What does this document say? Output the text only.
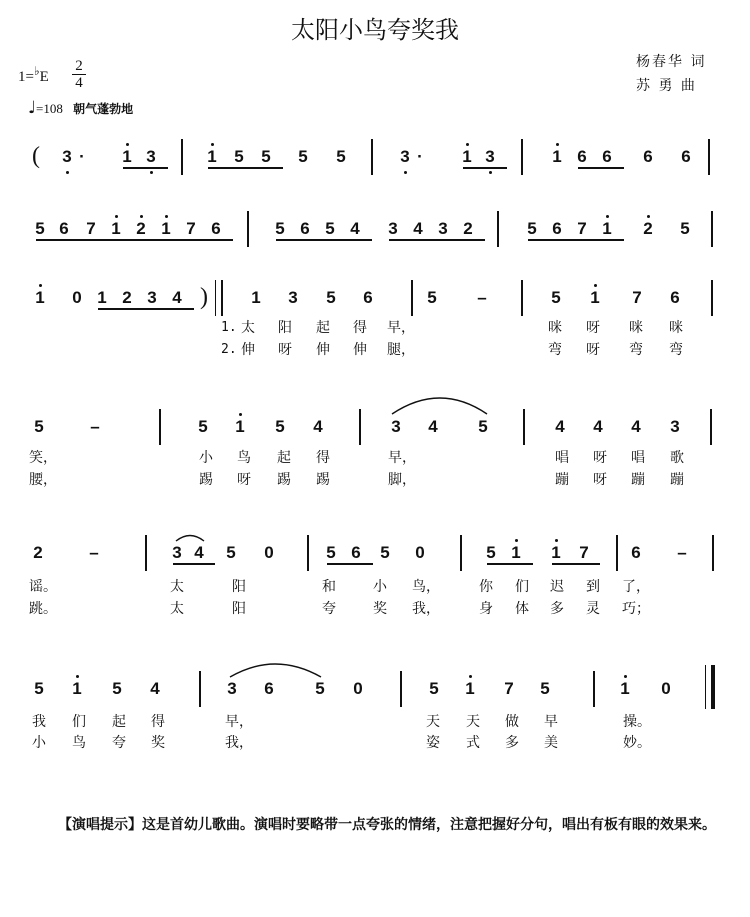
太阳小鸟夸奖我
杨春华 词
苏 勇 曲
1=♭E
2
4
♩=108 朝气蓬勃地
3 ·	1 3	1 5 5 5 5	3 ·	1 3	1 6 6 6 6
5 6 7 1 2 1 7 6	5 6 5 4 3 4 3 2	5 6 7 1 2 5
1 0 1 2 3 4	1 3 5 6	5 –	5 1 7 6
太 阳 起 得 早，	咪 呀 咪 咪
伸 呀 伸 伸 腿，	弯 呀 弯 弯
5	–	5 1 5 4	3 4 5	4 4 4 3
笑，	小 鸟 起 得	早，	唱 呀 唱 歌
腰，	踢 呀 踢 踢	脚，	蹦 呀 蹦 蹦
2	–	3 4 5 0	5 6 5 0	5 1 1 7	6 –
谣。	太	阳	和	小 鸟，	你 们 迟 到 了，
跳。	太	阳	夸	奖 我，	身 体 多 灵 巧；
5 1 5 4	3 6 5 0	5 1 7 5	1 0
我 们 起 得	早，	天 天 做 早	操。
小 鸟 夸 奖	我，	姿 式 多 美	妙。
1.
2.
(
)
【演唱提示】这是首幼儿歌曲。演唱时要略带一点夸张的情绪，注意把握好分句，唱出有板有眼的效果来。
